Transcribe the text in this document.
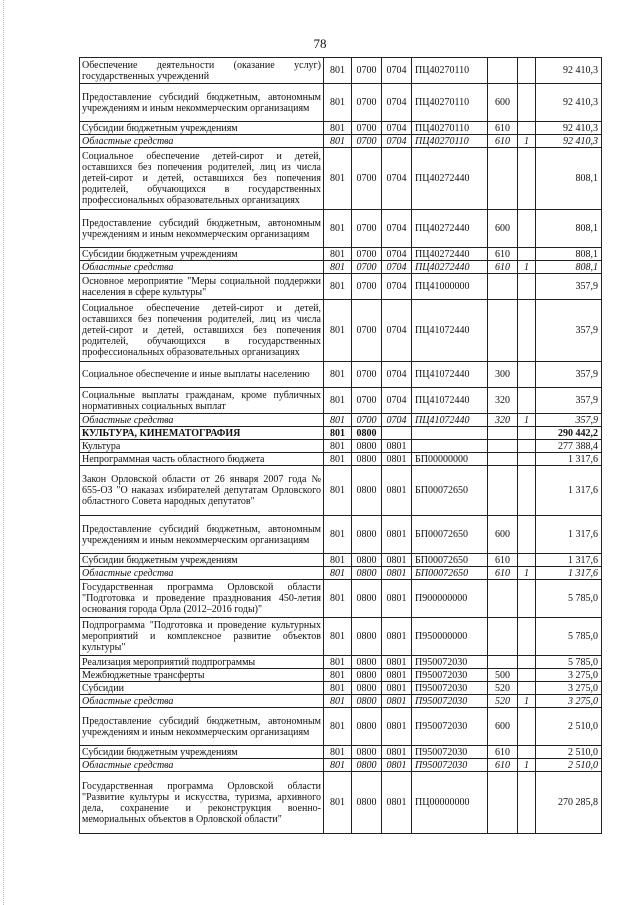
78
Обеспечение деятельности (оказание услуг) государственных учреждений	801	0700	0704	ПЦ40270110			92 410,3
Предоставление субсидий бюджетным, автономным учреждениям и иным некоммерческим организациям	801	0700	0704	ПЦ40270110	600		92 410,3
Субсидии бюджетным учреждениям	801	0700	0704	ПЦ40270110	610		92 410,3
Областные средства	801	0700	0704	ПЦ40270110	610	1	92 410,3
Социальное обеспечение детей-сирот и детей, оставшихся без попечения родителей, лиц из числа детей-сирот и детей, оставшихся без попечения родителей, обучающихся в государственных профессиональных образовательных организациях	801	0700	0704	ПЦ40272440			808,1
Предоставление субсидий бюджетным, автономным учреждениям и иным некоммерческим организациям	801	0700	0704	ПЦ40272440	600		808,1
Субсидии бюджетным учреждениям	801	0700	0704	ПЦ40272440	610		808,1
Областные средства	801	0700	0704	ПЦ40272440	610	1	808,1
Основное мероприятие "Меры социальной поддержки населения в сфере культуры"	801	0700	0704	ПЦ41000000			357,9
Социальное обеспечение детей-сирот и детей, оставшихся без попечения родителей, лиц из числа детей-сирот и детей, оставшихся без попечения родителей, обучающихся в государственных профессиональных образовательных организациях	801	0700	0704	ПЦ41072440			357,9
Социальное обеспечение и иные выплаты населению	801	0700	0704	ПЦ41072440	300		357,9
Социальные выплаты гражданам, кроме публичных нормативных социальных выплат	801	0700	0704	ПЦ41072440	320		357,9
Областные средства	801	0700	0704	ПЦ41072440	320	1	357,9
КУЛЬТУРА, КИНЕМАТОГРАФИЯ	801	0800					290 442,2
Культура	801	0800	0801				277 388,4
Непрограммная часть областного бюджета	801	0800	0801	БП00000000			1 317,6
Закон Орловской области от 26 января 2007 года № 655-ОЗ "О наказах избирателей депутатам Орловского областного Совета народных депутатов"	801	0800	0801	БП00072650			1 317,6
Предоставление субсидий бюджетным, автономным учреждениям и иным некоммерческим организациям	801	0800	0801	БП00072650	600		1 317,6
Субсидии бюджетным учреждениям	801	0800	0801	БП00072650	610		1 317,6
Областные средства	801	0800	0801	БП00072650	610	1	1 317,6
Государственная программа Орловской области "Подготовка и проведение празднования 450-летия основания города Орла (2012–2016 годы)"	801	0800	0801	П900000000			5 785,0
Подпрограмма "Подготовка и проведение культурных мероприятий и комплексное развитие объектов культуры"	801	0800	0801	П950000000			5 785,0
Реализация мероприятий подпрограммы	801	0800	0801	П950072030			5 785,0
Межбюджетные трансферты	801	0800	0801	П950072030	500		3 275,0
Субсидии	801	0800	0801	П950072030	520		3 275,0
Областные средства	801	0800	0801	П950072030	520	1	3 275,0
Предоставление субсидий бюджетным, автономным учреждениям и иным некоммерческим организациям	801	0800	0801	П950072030	600		2 510,0
Субсидии бюджетным учреждениям	801	0800	0801	П950072030	610		2 510,0
Областные средства	801	0800	0801	П950072030	610	1	2 510,0
Государственная программа Орловской области "Развитие культуры и искусства, туризма, архивного дела, сохранение и реконструкция военно-мемориальных объектов в Орловской области"	801	0800	0801	ПЦ00000000			270 285,8
